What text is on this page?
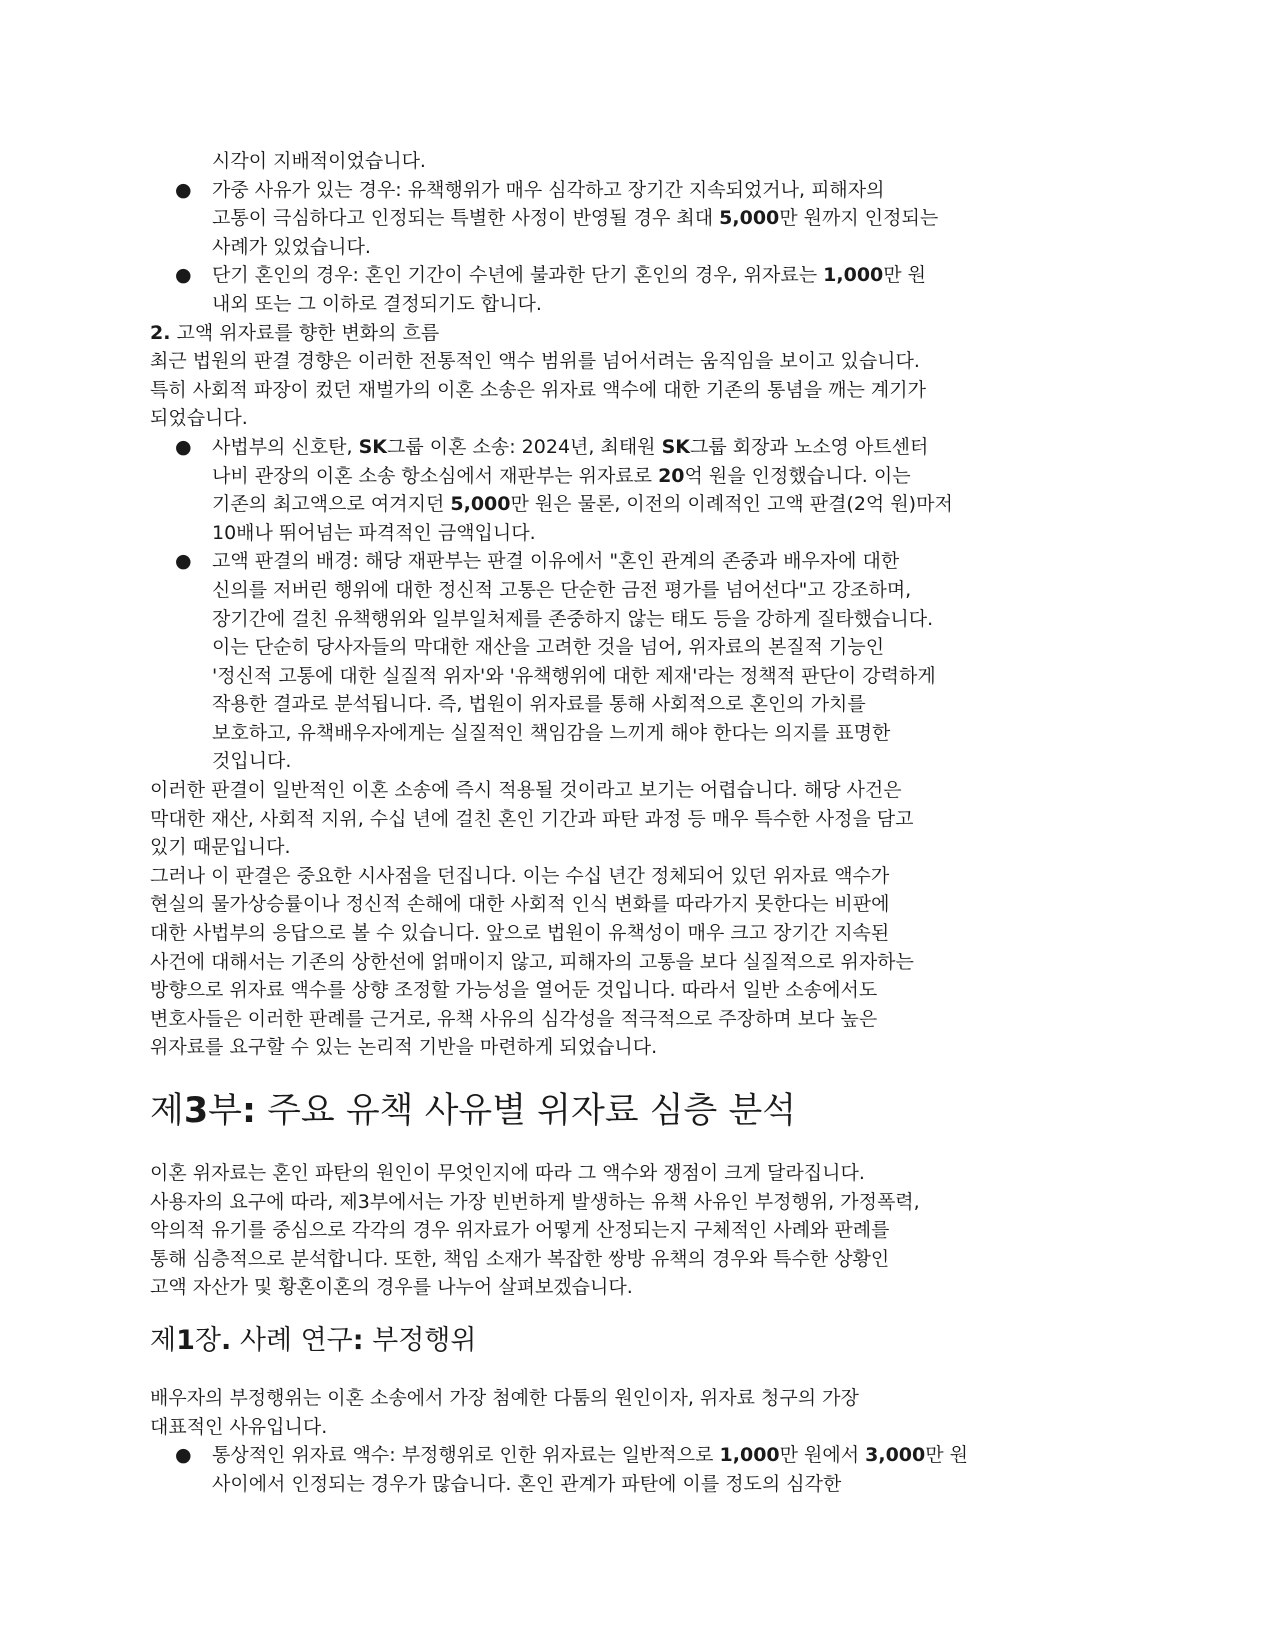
시각이 지배적이었습니다.
● 가중 사유가 있는 경우: 유책행위가 매우 심각하고 장기간 지속되었거나, 피해자의
고통이 극심하다고 인정되는 특별한 사정이 반영될 경우 최대 5,000만 원까지 인정되는
사례가 있었습니다.
● 단기 혼인의 경우: 혼인 기간이 수년에 불과한 단기 혼인의 경우, 위자료는 1,000만 원
내외 또는 그 이하로 결정되기도 합니다.
2. 고액 위자료를 향한 변화의 흐름
최근 법원의 판결 경향은 이러한 전통적인 액수 범위를 넘어서려는 움직임을 보이고 있습니다.
특히 사회적 파장이 컸던 재벌가의 이혼 소송은 위자료 액수에 대한 기존의 통념을 깨는 계기가
되었습니다.
● 사법부의 신호탄, SK그룹 이혼 소송: 2024년, 최태원 SK그룹 회장과 노소영 아트센터
나비 관장의 이혼 소송 항소심에서 재판부는 위자료로 20억 원을 인정했습니다. 이는
기존의 최고액으로 여겨지던 5,000만 원은 물론, 이전의 이례적인 고액 판결(2억 원)마저
10배나 뛰어넘는 파격적인 금액입니다.
● 고액 판결의 배경: 해당 재판부는 판결 이유에서 "혼인 관계의 존중과 배우자에 대한
신의를 저버린 행위에 대한 정신적 고통은 단순한 금전 평가를 넘어선다"고 강조하며,
장기간에 걸친 유책행위와 일부일처제를 존중하지 않는 태도 등을 강하게 질타했습니다.
이는 단순히 당사자들의 막대한 재산을 고려한 것을 넘어, 위자료의 본질적 기능인
'정신적 고통에 대한 실질적 위자'와 '유책행위에 대한 제재'라는 정책적 판단이 강력하게
작용한 결과로 분석됩니다. 즉, 법원이 위자료를 통해 사회적으로 혼인의 가치를
보호하고, 유책배우자에게는 실질적인 책임감을 느끼게 해야 한다는 의지를 표명한
것입니다.
이러한 판결이 일반적인 이혼 소송에 즉시 적용될 것이라고 보기는 어렵습니다. 해당 사건은
막대한 재산, 사회적 지위, 수십 년에 걸친 혼인 기간과 파탄 과정 등 매우 특수한 사정을 담고
있기 때문입니다.
그러나 이 판결은 중요한 시사점을 던집니다. 이는 수십 년간 정체되어 있던 위자료 액수가
현실의 물가상승률이나 정신적 손해에 대한 사회적 인식 변화를 따라가지 못한다는 비판에
대한 사법부의 응답으로 볼 수 있습니다. 앞으로 법원이 유책성이 매우 크고 장기간 지속된
사건에 대해서는 기존의 상한선에 얽매이지 않고, 피해자의 고통을 보다 실질적으로 위자하는
방향으로 위자료 액수를 상향 조정할 가능성을 열어둔 것입니다. 따라서 일반 소송에서도
변호사들은 이러한 판례를 근거로, 유책 사유의 심각성을 적극적으로 주장하며 보다 높은
위자료를 요구할 수 있는 논리적 기반을 마련하게 되었습니다.
제3부: 주요 유책 사유별 위자료 심층 분석
이혼 위자료는 혼인 파탄의 원인이 무엇인지에 따라 그 액수와 쟁점이 크게 달라집니다.
사용자의 요구에 따라, 제3부에서는 가장 빈번하게 발생하는 유책 사유인 부정행위, 가정폭력,
악의적 유기를 중심으로 각각의 경우 위자료가 어떻게 산정되는지 구체적인 사례와 판례를
통해 심층적으로 분석합니다. 또한, 책임 소재가 복잡한 쌍방 유책의 경우와 특수한 상황인
고액 자산가 및 황혼이혼의 경우를 나누어 살펴보겠습니다.
제1장. 사례 연구: 부정행위
배우자의 부정행위는 이혼 소송에서 가장 첨예한 다툼의 원인이자, 위자료 청구의 가장
대표적인 사유입니다.
● 통상적인 위자료 액수: 부정행위로 인한 위자료는 일반적으로 1,000만 원에서 3,000만 원
사이에서 인정되는 경우가 많습니다. 혼인 관계가 파탄에 이를 정도의 심각한
